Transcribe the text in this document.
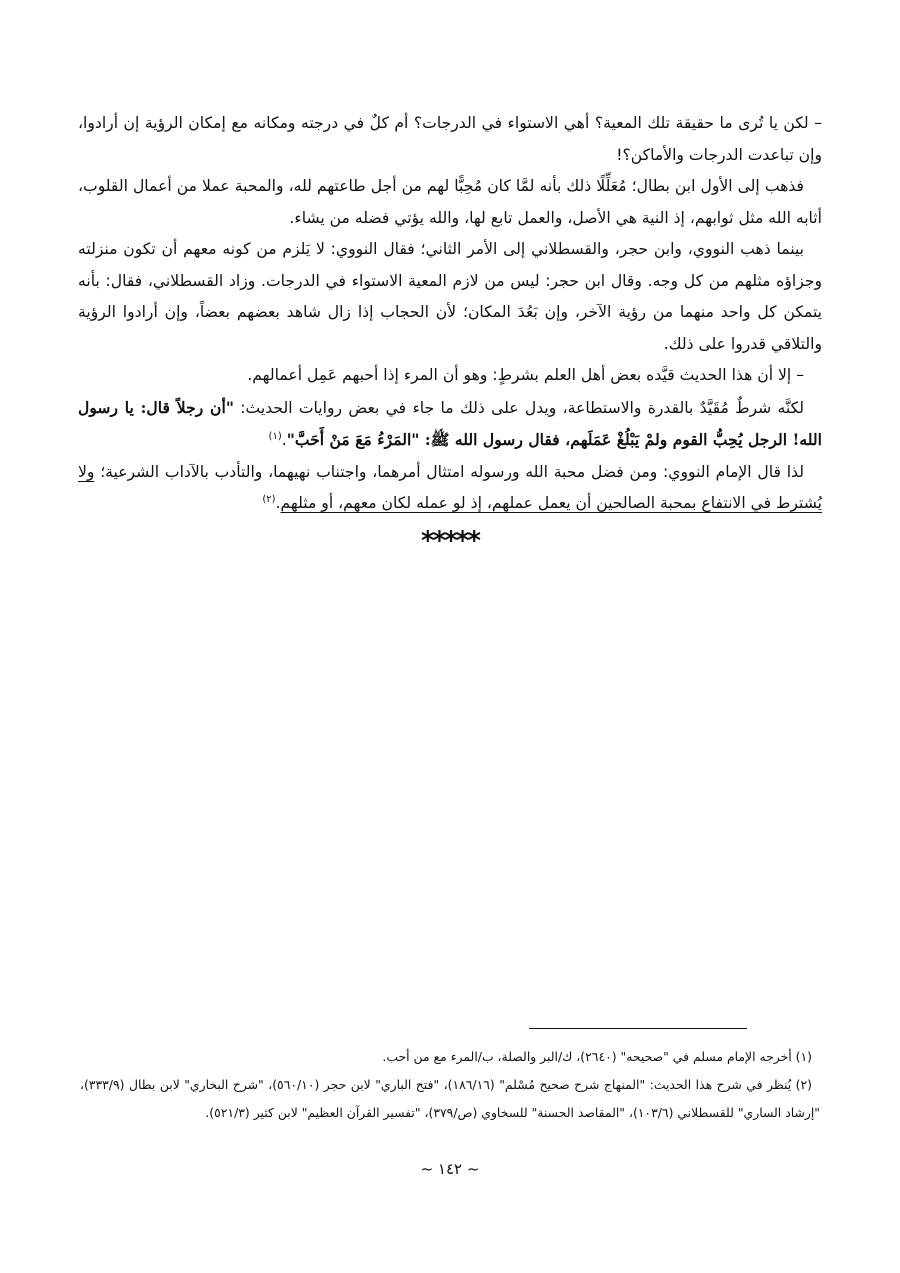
– لكن يا تُرى ما حقيقة تلك المعية؟ أهي الاستواء في الدرجات؟ أم كلٌ في درجته ومكانه مع إمكان الرؤية إن أرادوا، وإن تباعدت الدرجات والأماكن؟!

فذهب إلى الأول ابن بطال؛ مُعَلِّلًا ذلك بأنه لمَّا كان مُحِبًّا لهم من أجل طاعتهم لله، والمحبة عملا من أعمال القلوب، أثابه الله مثل ثوابهم، إذ النية هي الأصل، والعمل تابع لها، والله يؤتي فضله من يشاء.

بينما ذهب النووي، وابن حجر، والقسطلاني إلى الأمر الثاني؛ فقال النووي: لا يَلزم من كونه معهم أن تكون منزلته وجزاؤه مثلهم من كل وجه. وقال ابن حجر: ليس من لازم المعية الاستواء في الدرجات. وزاد القسطلاني، فقال: بأنه يتمكن كل واحد منهما من رؤية الآخر، وإن بَعُدَ المكان؛ لأن الحجاب إذا زال شاهد بعضهم بعضاً، وإن أرادوا الرؤية والتلاقي قدروا على ذلك.

– إلا أن هذا الحديث قيَّده بعض أهل العلم بشرطٍ: وهو أن المرء إذا أحبهم عَمِل أعمالهم.

لكنَّه شرطٌ مُقَيَّدٌ بالقدرة والاستطاعة، ويدل على ذلك ما جاء في بعض روايات الحديث: "أن رجلاً قال: يا رسول الله! الرجل يُحِبُّ القوم ولمْ يَبْلُغْ عَمَلَهم، فقال رسول الله ﷺ: "المَرْءُ مَعَ مَنْ أَحَبَّ".$^{(١)}$

لذا قال الإمام النووي: ومن فضل محبة الله ورسوله امتثال أمرهما، واجتناب نهيهما، والتأدب بالآداب الشرعية؛ ولا يُشترط في الانتفاع بمحبة الصالحين أن يعمل عملهم، إذ لو عمله لكان معهم، أو مثلهم.$^{(٢)}$

*****

(١) أخرجه الإمام مسلم في "صحيحه" (٢٦٤٠)، ك/البر والصلة، ب/المرء مع من أحب.

(٢) يُنظر في شرح هذا الحديث: "المنهاج شرح صحيح مُسْلم" (١٨٦/١٦)، "فتح الباري" لابن حجر (٥٦٠/١٠)، "شرح البخاري" لابن بطال (٣٣٣/٩)، "إرشاد الساري" للقسطلاني (١٠٣/٦)، "المقاصد الحسنة" للسخاوي (ص/٣٧٩)، "تفسير القرآن العظيم" لابن كثير (٥٢١/٣).

~ ١٤٢ ~
